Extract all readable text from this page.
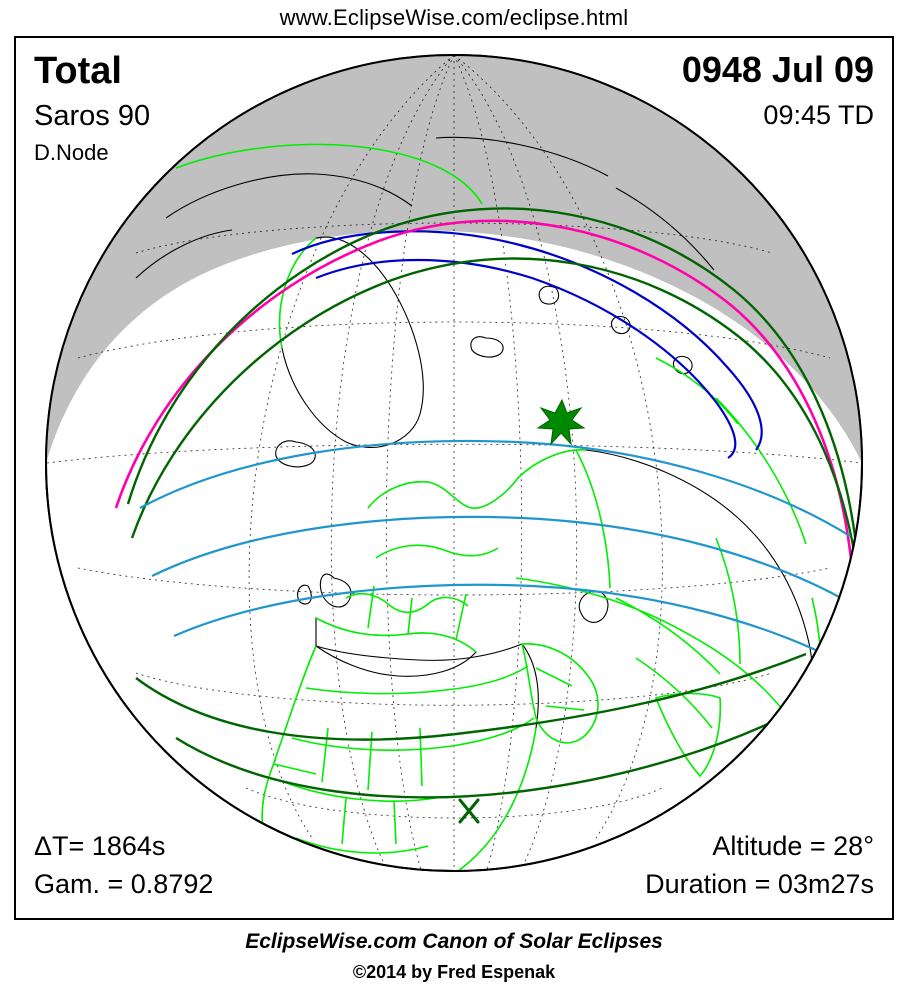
www.EclipseWise.com/eclipse.html
Total
Saros 90
D.Node
0948 Jul 09
09:45 TD
ΔT= 1864s
Gam. = 0.8792
Altitude = 28°
Duration = 03m27s
EclipseWise.com Canon of Solar Eclipses
©2014 by Fred Espenak
